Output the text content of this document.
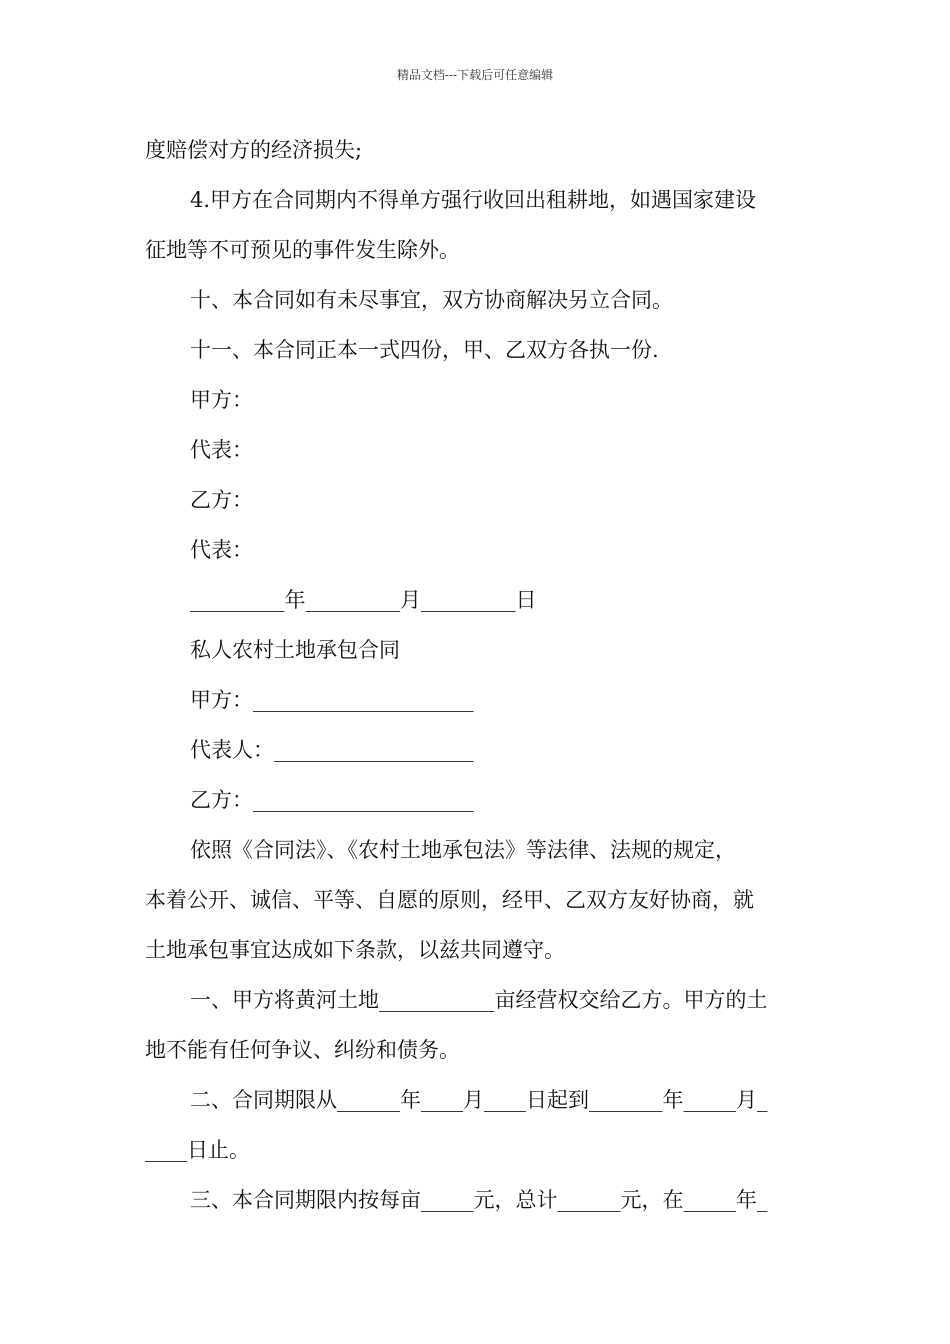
精品文档---下载后可任意编辑
度赔偿对方的经济损失;
4.甲方在合同期内不得单方强行收回出租耕地，如遇国家建设
征地等不可预见的事件发生除外。
十、本合同如有未尽事宜，双方协商解决另立合同。
十一、本合同正本一式四份，甲、乙双方各执一份.
甲方：
代表：
乙方：
代表：
_________年_________月_________日
私人农村土地承包合同
甲方：_____________________
代表人：___________________
乙方：_____________________
依照《合同法》、《农村土地承包法》等法律、法规的规定，
本着公开、诚信、平等、自愿的原则，经甲、乙双方友好协商，就
土地承包事宜达成如下条款，以兹共同遵守。
一、甲方将黄河土地___________亩经营权交给乙方。甲方的土
地不能有任何争议、纠纷和债务。
二、合同期限从______年____月____日起到_______年_____月_
____日止。
三、本合同期限内按每亩_____元，总计______元，在_____年_
